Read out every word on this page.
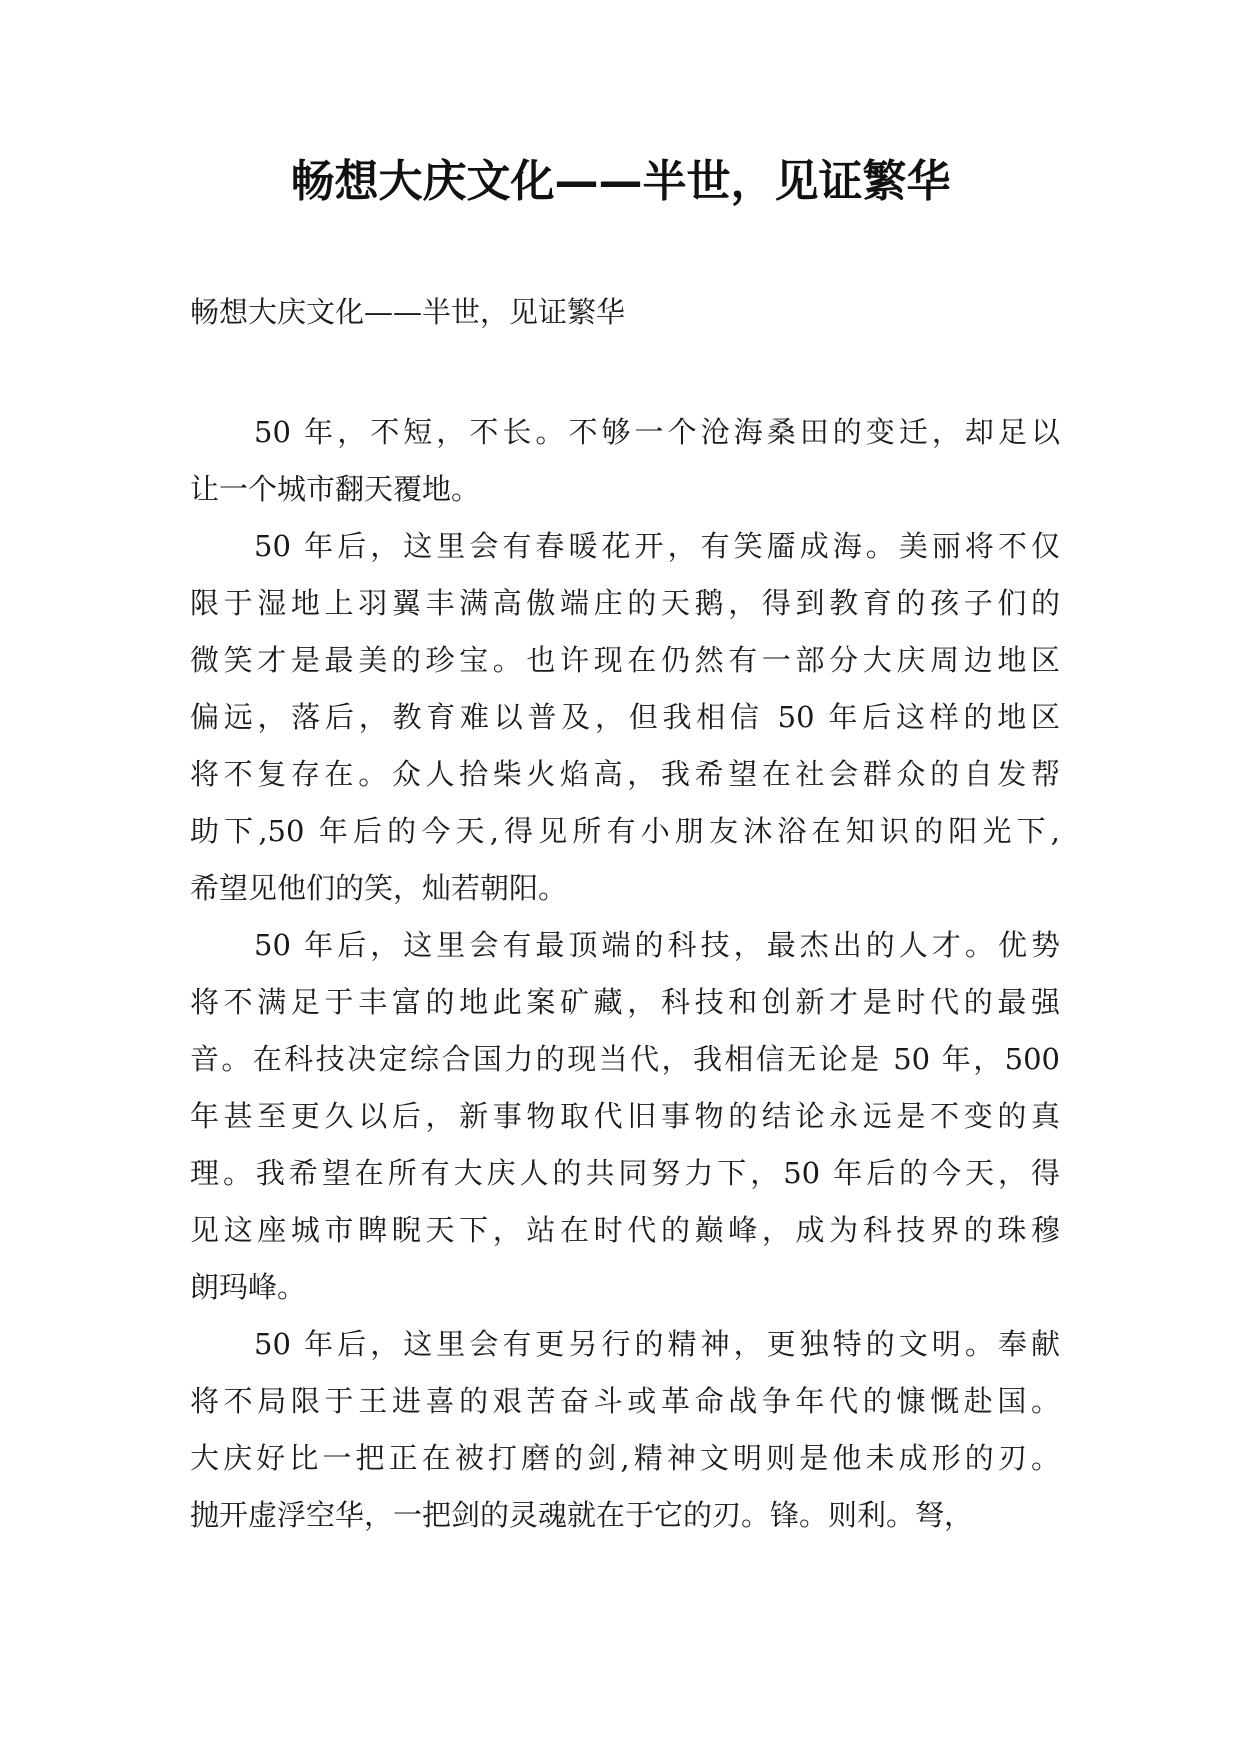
畅想大庆文化——半世，见证繁华

畅想大庆文化——半世，见证繁华

50 年，不短，不长。不够一个沧海桑田的变迁，却足以
让一个城市翻天覆地。
50 年后，这里会有春暖花开，有笑靥成海。美丽将不仅
限于湿地上羽翼丰满高傲端庄的天鹅，得到教育的孩子们的
微笑才是最美的珍宝。也许现在仍然有一部分大庆周边地区
偏远，落后，教育难以普及，但我相信 50 年后这样的地区
将不复存在。众人拾柴火焰高，我希望在社会群众的自发帮
助下,50 年后的今天,得见所有小朋友沐浴在知识的阳光下,
希望见他们的笑，灿若朝阳。
50 年后，这里会有最顶端的科技，最杰出的人才。优势
将不满足于丰富的地此案矿藏，科技和创新才是时代的最强
音。在科技决定综合国力的现当代，我相信无论是 50 年，500
年甚至更久以后，新事物取代旧事物的结论永远是不变的真
理。我希望在所有大庆人的共同努力下，50 年后的今天，得
见这座城市睥睨天下，站在时代的巅峰，成为科技界的珠穆
朗玛峰。
50 年后，这里会有更另行的精神，更独特的文明。奉献
将不局限于王进喜的艰苦奋斗或革命战争年代的慷慨赴国。
大庆好比一把正在被打磨的剑,精神文明则是他未成形的刃。
抛开虚浮空华，一把剑的灵魂就在于它的刃。锋。则利。弩，
